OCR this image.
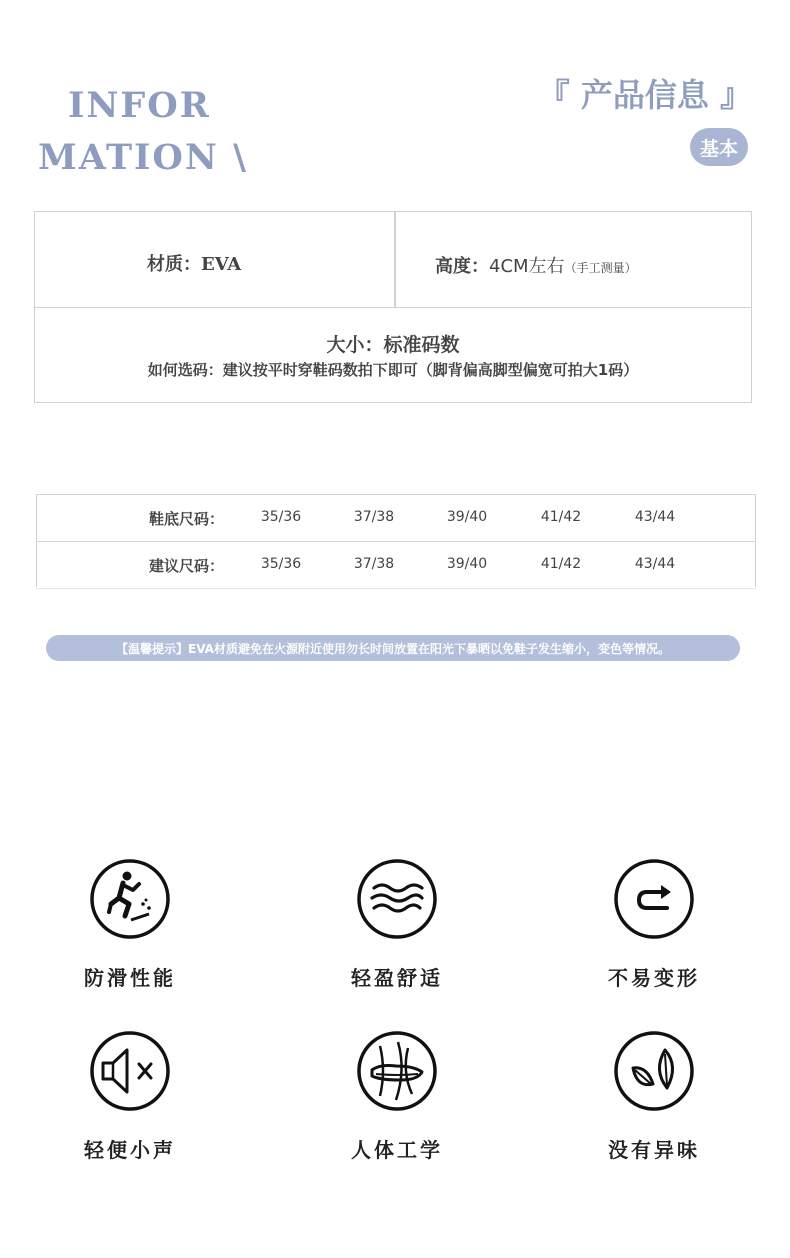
INFOR
MATION \
『 产品信息 』
基本
材质：EVA	高度：4CM左右（手工测量）
大小：标准码数
如何选码：建议按平时穿鞋码数拍下即可（脚背偏高脚型偏宽可拍大1码）
鞋底尺码：	35/36	37/38	39/40	41/42	43/44
建议尺码：	35/36	37/38	39/40	41/42	43/44
【温馨提示】EVA材质避免在火源附近使用勿长时间放置在阳光下暴晒以免鞋子发生缩小，变色等情况。
防滑性能	轻盈舒适	不易变形
轻便小声	人体工学	没有异味
